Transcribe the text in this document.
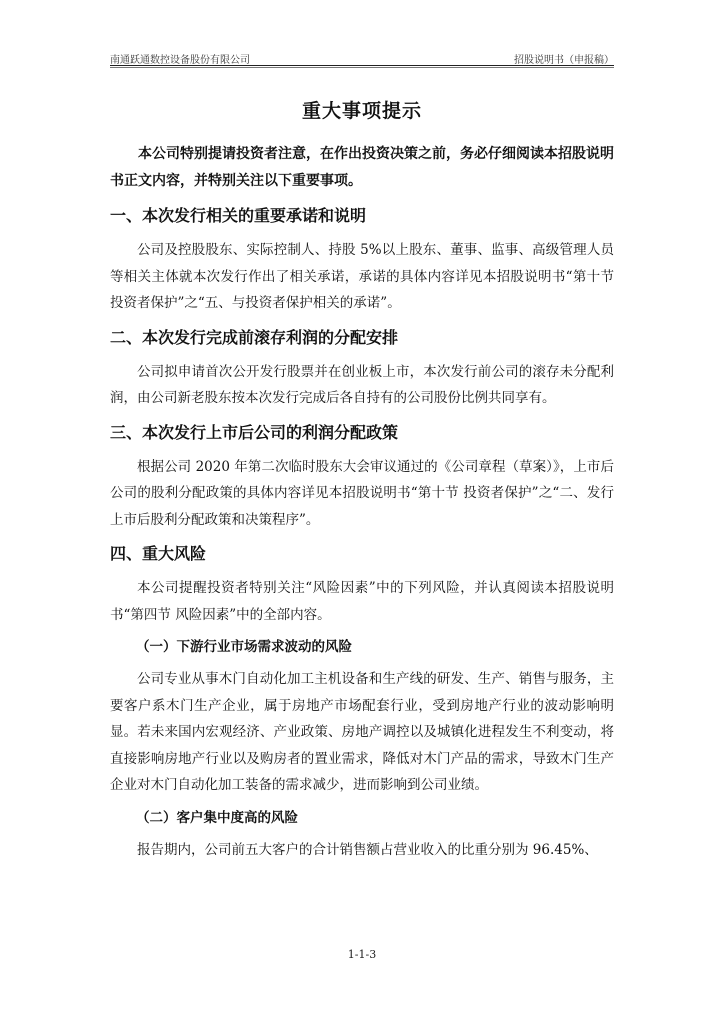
南通跃通数控设备股份有限公司	招股说明书（申报稿）
重大事项提示

本公司特别提请投资者注意，在作出投资决策之前，务必仔细阅读本招股说明书正文内容，并特别关注以下重要事项。

一、本次发行相关的重要承诺和说明

公司及控股股东、实际控制人、持股 5%以上股东、董事、监事、高级管理人员等相关主体就本次发行作出了相关承诺，承诺的具体内容详见本招股说明书“第十节 投资者保护”之“五、与投资者保护相关的承诺”。

二、本次发行完成前滚存利润的分配安排

公司拟申请首次公开发行股票并在创业板上市，本次发行前公司的滚存未分配利润，由公司新老股东按本次发行完成后各自持有的公司股份比例共同享有。

三、本次发行上市后公司的利润分配政策

根据公司 2020 年第二次临时股东大会审议通过的《公司章程（草案）》，上市后公司的股利分配政策的具体内容详见本招股说明书“第十节 投资者保护”之“二、发行上市后股利分配政策和决策程序”。

四、重大风险

本公司提醒投资者特别关注“风险因素”中的下列风险，并认真阅读本招股说明书“第四节 风险因素”中的全部内容。

（一）下游行业市场需求波动的风险

公司专业从事木门自动化加工主机设备和生产线的研发、生产、销售与服务，主要客户系木门生产企业，属于房地产市场配套行业，受到房地产行业的波动影响明显。若未来国内宏观经济、产业政策、房地产调控以及城镇化进程发生不利变动，将直接影响房地产行业以及购房者的置业需求，降低对木门产品的需求，导致木门生产企业对木门自动化加工装备的需求减少，进而影响到公司业绩。

（二）客户集中度高的风险

报告期内，公司前五大客户的合计销售额占营业收入的比重分别为 96.45%、

1-1-3
